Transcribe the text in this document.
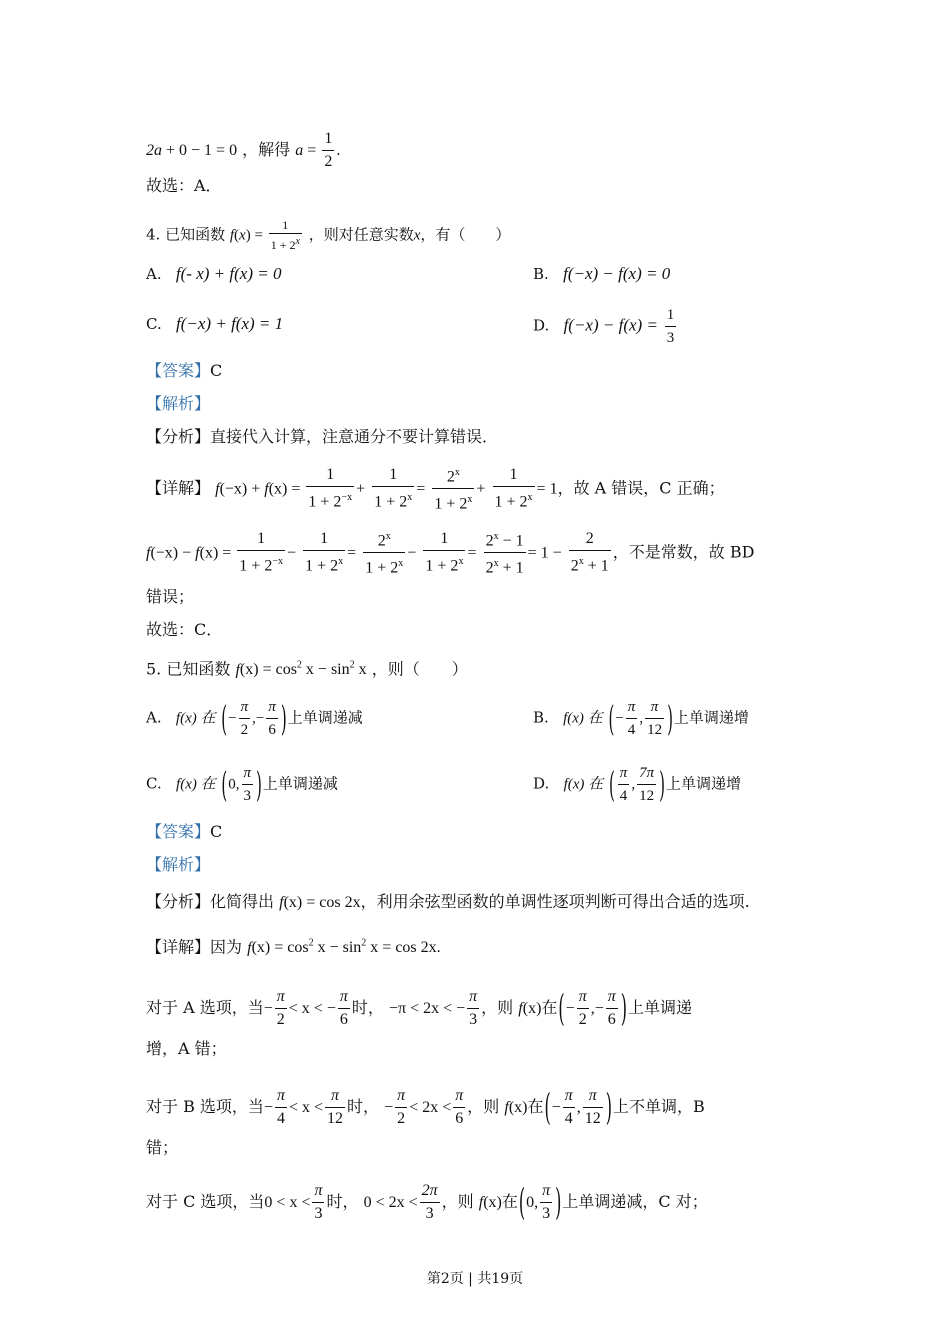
2a + 0 − 1 = 0 ，解得 $a = \frac{1}{2}$ .
故选：A．
4. 已知函数 $f(x) = \frac{1}{1 + 2^x}$ ，则对任意实数x，有（　　）
A. f(- x) + f(x) = 0	B. f(−x) − f(x) = 0
C. f(−x) + f(x) = 1	D. $f(-x) - f(x) = \frac{1}{3}$
【答案】C
【解析】
【分析】直接代入计算，注意通分不要计算错误．
【详解】 $f(-x) + f(x) = \frac{1}{1 + 2^{-x}} + \frac{1}{1 + 2^x} = \frac{2^x}{1 + 2^x} + \frac{1}{1 + 2^x} = 1$，故 A 错误，C 正确；
$f(-x) - f(x) = \frac{1}{1 + 2^{-x}} - \frac{1}{1 + 2^x} = \frac{2^x}{1 + 2^x} - \frac{1}{1 + 2^x} = \frac{2^x - 1}{2^x + 1} = 1 - \frac{2}{2^x + 1}$ ，不是常数，故 BD
错误；
故选：C．
5. 已知函数 $f(x) = \cos^2 x - \sin^2 x$ ，则（　　）
A. f(x) 在 (− $\frac{\pi}{2}$ ,− $\frac{\pi}{6}$ )上单调递减	B. f(x) 在 (− $\frac{\pi}{4}$ , $\frac{\pi}{12}$ )上单调递增
C. f(x) 在 (0, $\frac{\pi}{3}$ )上单调递减	D. f(x) 在 ( $\frac{\pi}{4}$ , $\frac{7\pi}{12}$ )上单调递增
【答案】C
【解析】
【分析】化简得出 f(x) = cos 2x，利用余弦型函数的单调性逐项判断可得出合适的选项.
【详解】因为 $f(x) = \cos^2 x - \sin^2 x = \cos 2x$.
对于 A 选项，当− $\frac{\pi}{2} < x$ < − $\frac{\pi}{6}$ 时， −π < 2x < − $\frac{\pi}{3}$ ，则 f(x)在(− $\frac{\pi}{2}$ ,− $\frac{\pi}{6}$ )上单调递
增，A 错；
对于 B 选项，当− $\frac{\pi}{4} < x < \frac{\pi}{12}$ 时， − $\frac{\pi}{2} < 2x < \frac{\pi}{6}$ ，则 f(x)在(− $\frac{\pi}{4}$ , $\frac{\pi}{12}$ )上不单调，B
错；
对于 C 选项，当$0 < x < \frac{\pi}{3}$ 时， $0 < 2x < \frac{2\pi}{3}$ ，则 f(x)在(0, $\frac{\pi}{3}$ )上单调递减，C 对；
第2页 | 共19页
